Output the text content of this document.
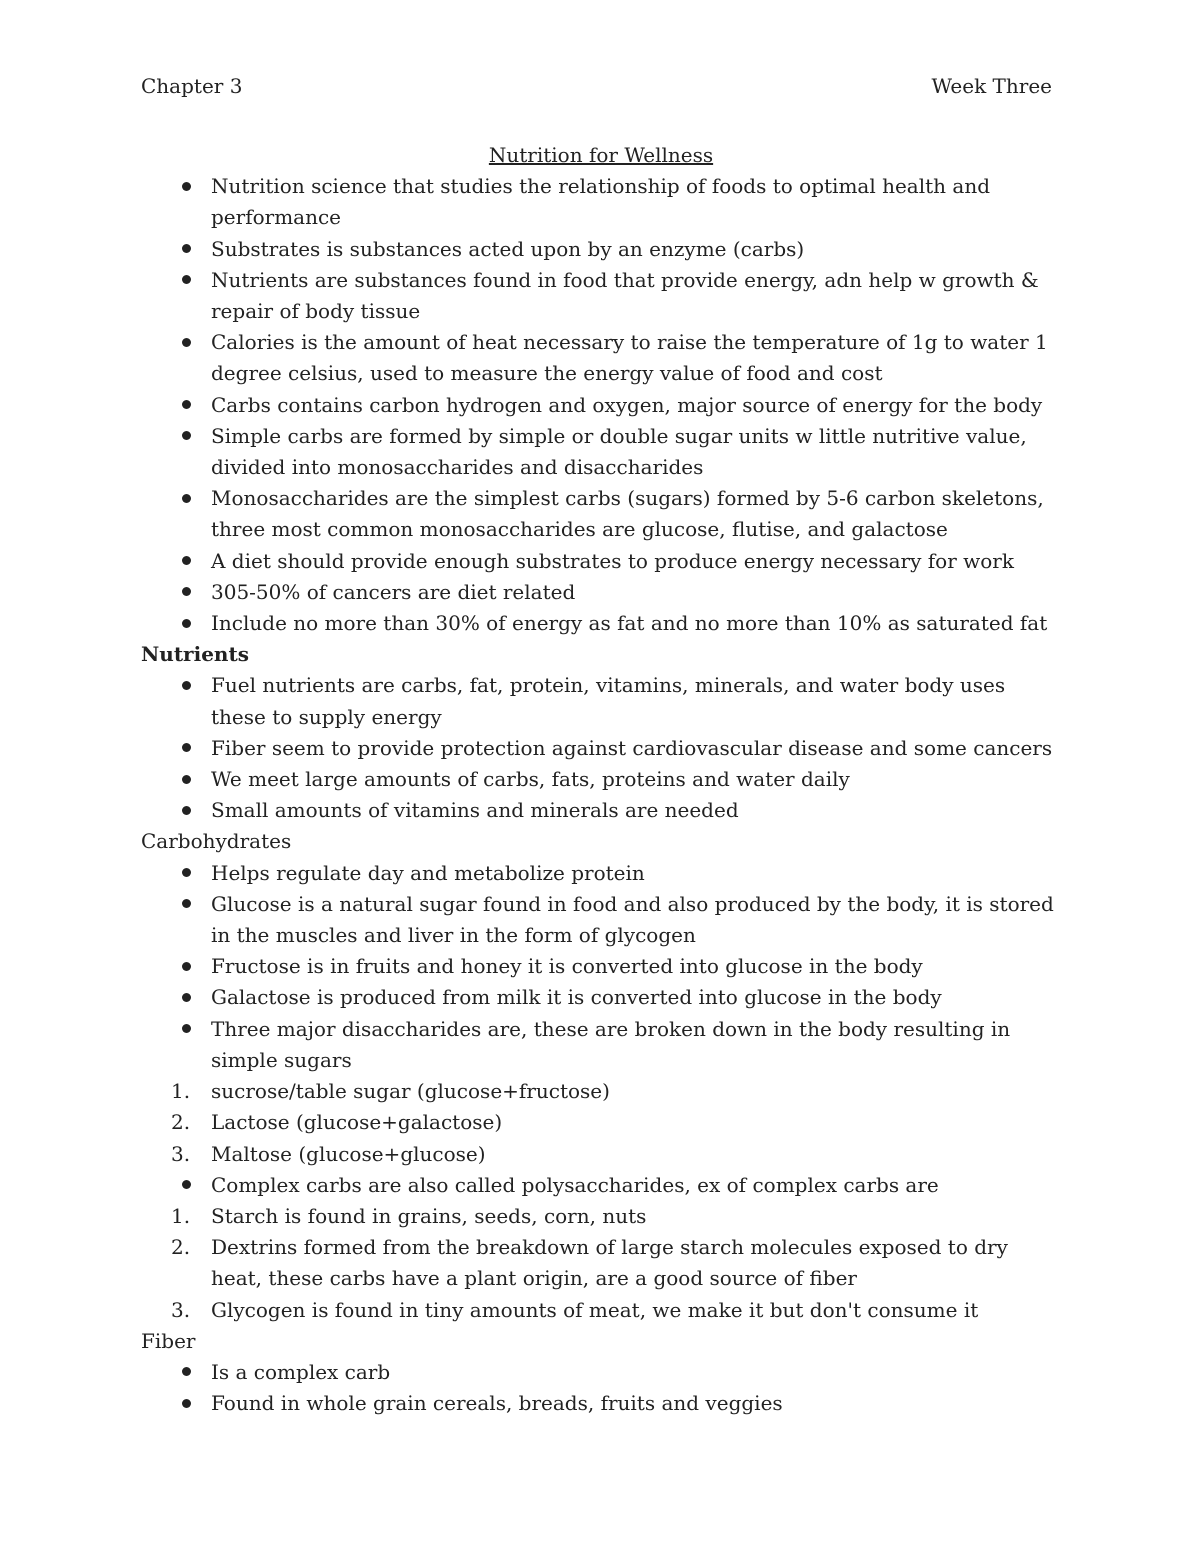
Chapter 3	Week Three
Nutrition for Wellness

Nutrition science that studies the relationship of foods to optimal health and performance

Substrates is substances acted upon by an enzyme (carbs)

Nutrients are substances found in food that provide energy, adn help w growth & repair of body tissue

Calories is the amount of heat necessary to raise the temperature of 1g to water 1 degree celsius, used to measure the energy value of food and cost

Carbs contains carbon hydrogen and oxygen, major source of energy for the body

Simple carbs are formed by simple or double sugar units w little nutritive value, divided into monosaccharides and disaccharides

Monosaccharides are the simplest carbs (sugars) formed by 5-6 carbon skeletons, three most common monosaccharides are glucose, flutise, and galactose

A diet should provide enough substrates to produce energy necessary for work

305-50% of cancers are diet related

Include no more than 30% of energy as fat and no more than 10% as saturated fat

Nutrients

Fuel nutrients are carbs, fat, protein, vitamins, minerals, and water body uses these to supply energy

Fiber seem to provide protection against cardiovascular disease and some cancers

We meet large amounts of carbs, fats, proteins and water daily

Small amounts of vitamins and minerals are needed

Carbohydrates

Helps regulate day and metabolize protein

Glucose is a natural sugar found in food and also produced by the body, it is stored in the muscles and liver in the form of glycogen

Fructose is in fruits and honey it is converted into glucose in the body

Galactose is produced from milk it is converted into glucose in the body

Three major disaccharides are, these are broken down in the body resulting in simple sugars

1. sucrose/table sugar (glucose+fructose)

2. Lactose (glucose+galactose)

3. Maltose (glucose+glucose)

Complex carbs are also called polysaccharides, ex of complex carbs are

1. Starch is found in grains, seeds, corn, nuts

2. Dextrins formed from the breakdown of large starch molecules exposed to dry heat, these carbs have a plant origin, are a good source of fiber

3. Glycogen is found in tiny amounts of meat, we make it but don't consume it

Fiber

Is a complex carb

Found in whole grain cereals, breads, fruits and veggies
